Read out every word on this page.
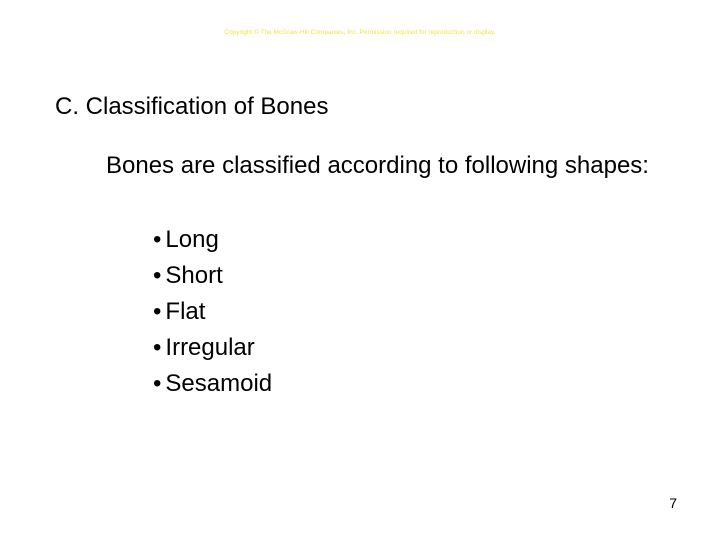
Copyright © The McGraw-Hill Companies, Inc. Permission required for reproduction or display.
C. Classification of Bones
Bones are classified according to following shapes:
• Long
• Short
• Flat
• Irregular
• Sesamoid
7
